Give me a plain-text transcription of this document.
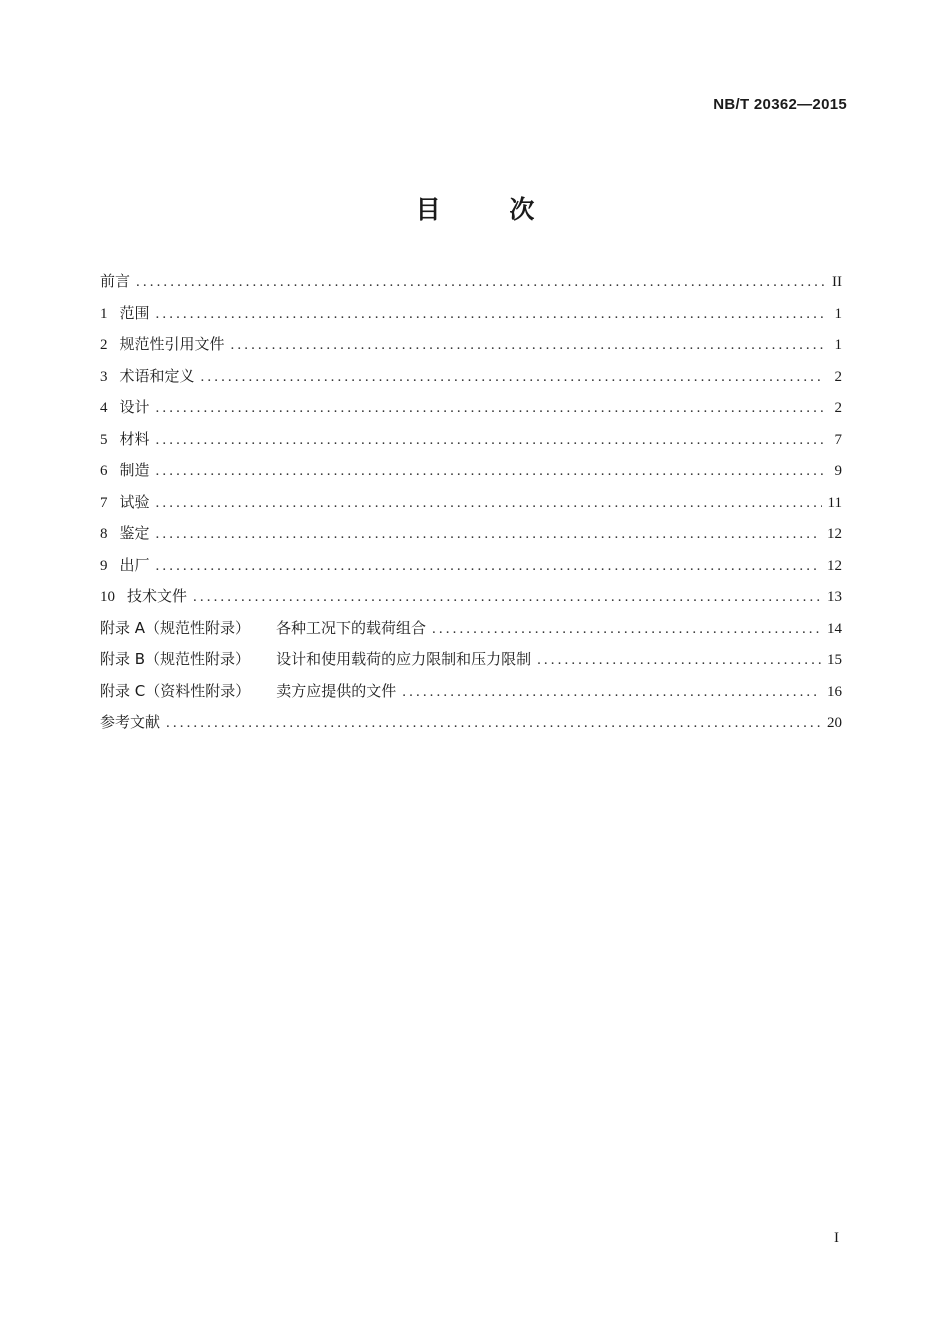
NB/T 20362—2015
目 次
前言 .....	II
1 范围 .....	1
2 规范性引用文件 .....	1
3 术语和定义 .....	2
4 设计 .....	2
5 材料 .....	7
6 制造 .....	9
7 试验 .....	11
8 鉴定 .....	12
9 出厂 .....	12
10 技术文件 .....	13
附录 A（规范性附录） 各种工况下的载荷组合 .....	14
附录 B（规范性附录） 设计和使用载荷的应力限制和压力限制 .....	15
附录 C（资料性附录） 卖方应提供的文件 .....	16
参考文献 .....	20
I
